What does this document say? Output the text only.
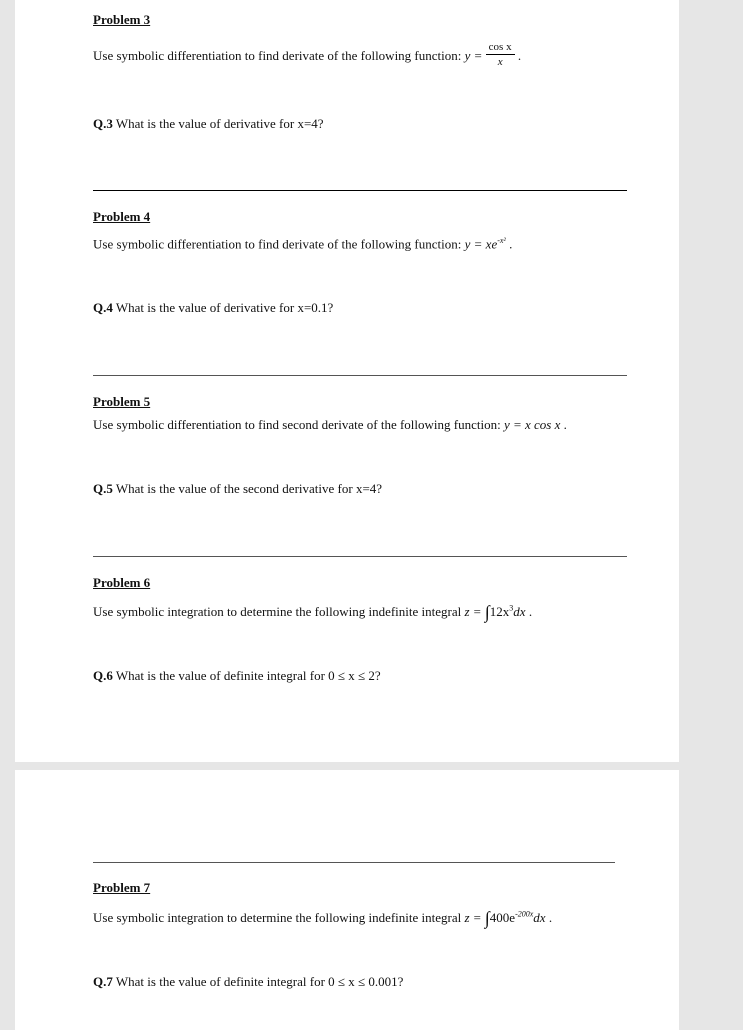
Problem 3
Use symbolic differentiation to find derivate of the following function: $y = \frac{\text{cos x}}{x}$ .
Q.3 What is the value of derivative for x=4?
Problem 4
Use symbolic differentiation to find derivate of the following function: $y = xe^{-x^2}$ .
Q.4 What is the value of derivative for x=0.1?
Problem 5
Use symbolic differentiation to find second derivate of the following function: y = x cos x .
Q.5 What is the value of the second derivative for x=4?
Problem 6
Use symbolic integration to determine the following indefinite integral $z = \int 12x^3dx$ .
Q.6 What is the value of definite integral for 0 ≤ x ≤ 2?
Problem 7
Use symbolic integration to determine the following indefinite integral $z = \int 400e^{-200x}dx$ .
Q.7 What is the value of definite integral for 0 ≤ x ≤ 0.001?
